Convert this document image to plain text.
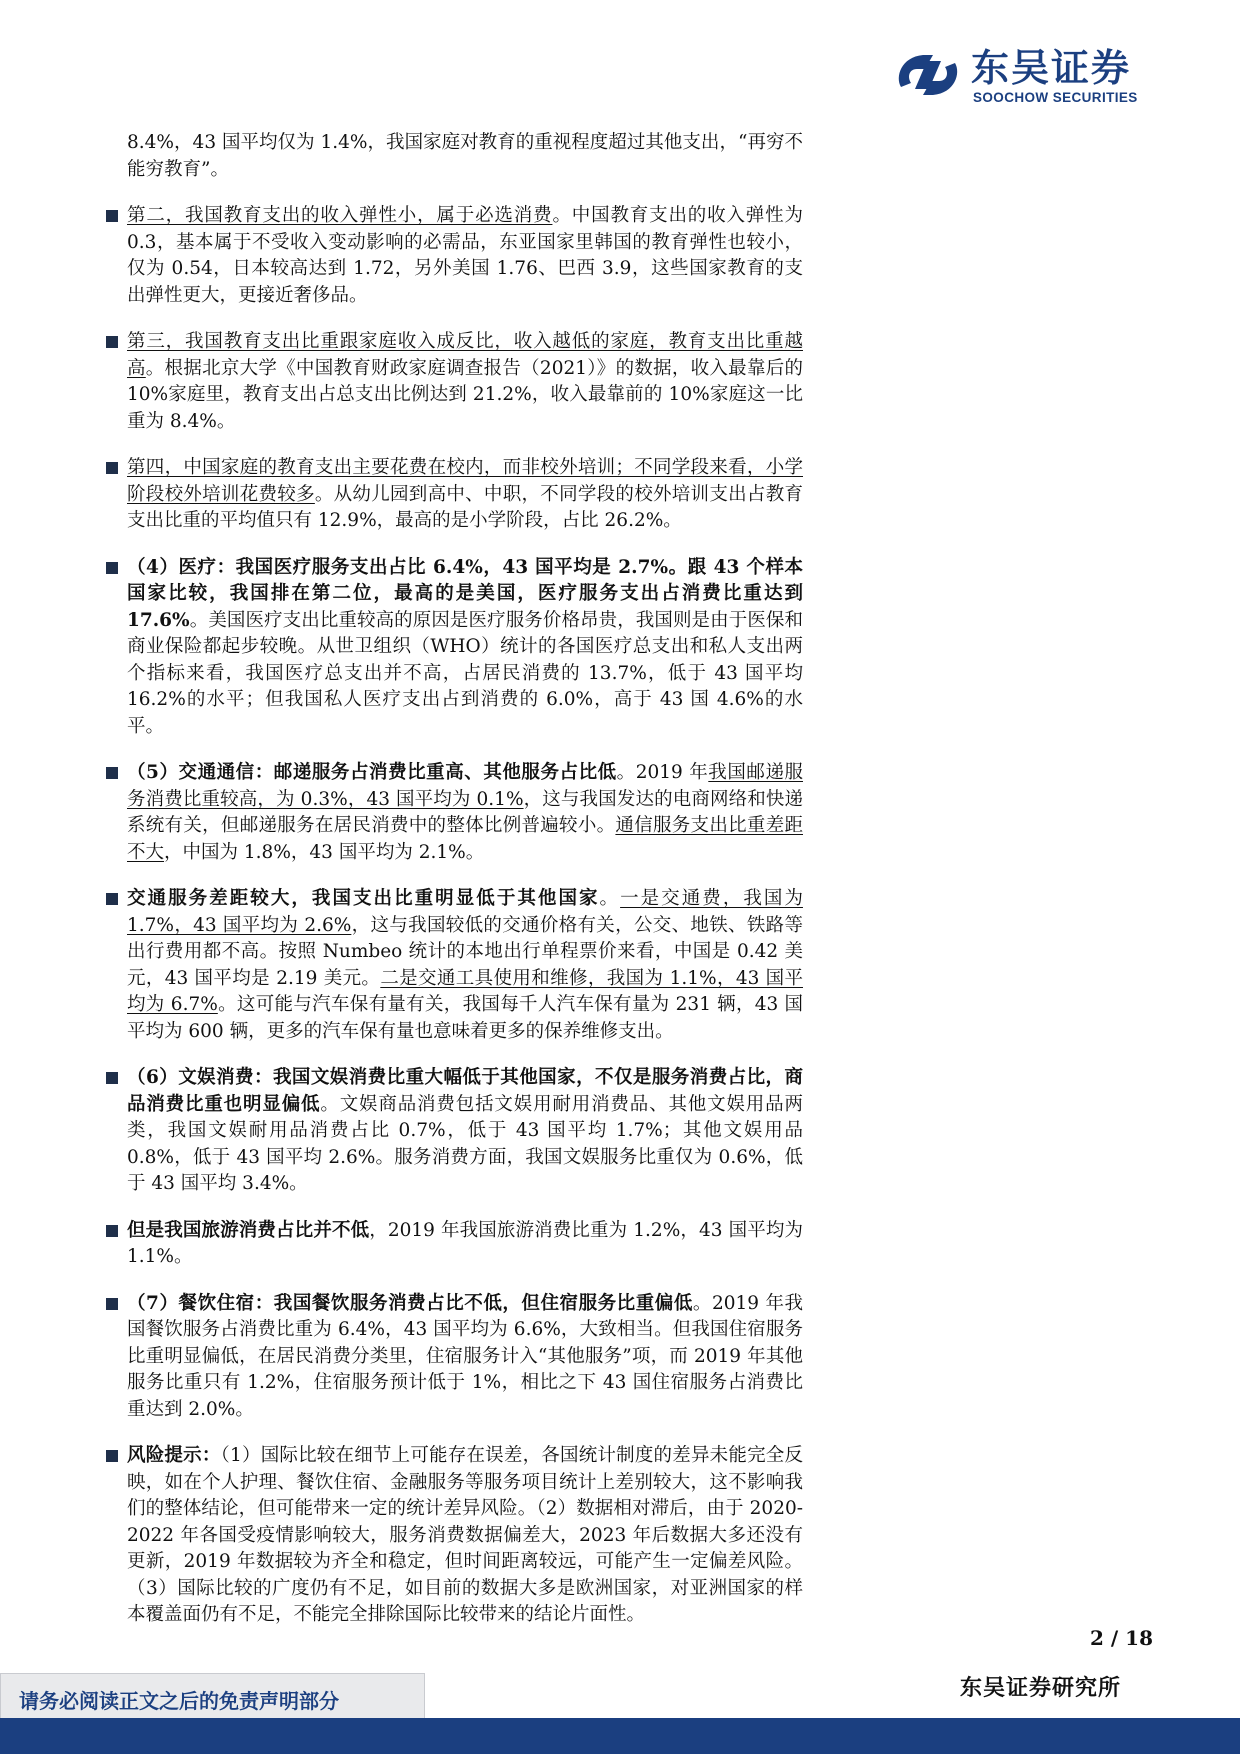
东吴证券
SOOCHOW SECURITIES

8.4%，43 国平均仅为 1.4%，我国家庭对教育的重视程度超过其他支出，“再穷不能穷教育”。

第二，我国教育支出的收入弹性小，属于必选消费。中国教育支出的收入弹性为 0.3，基本属于不受收入变动影响的必需品，东亚国家里韩国的教育弹性也较小，仅为 0.54，日本较高达到 1.72，另外美国 1.76、巴西 3.9，这些国家教育的支出弹性更大，更接近奢侈品。

第三，我国教育支出比重跟家庭收入成反比，收入越低的家庭，教育支出比重越高。根据北京大学《中国教育财政家庭调查报告（2021）》的数据，收入最靠后的 10%家庭里，教育支出占总支出比例达到 21.2%，收入最靠前的 10%家庭这一比重为 8.4%。

第四，中国家庭的教育支出主要花费在校内，而非校外培训；不同学段来看，小学阶段校外培训花费较多。从幼儿园到高中、中职，不同学段的校外培训支出占教育支出比重的平均值只有 12.9%，最高的是小学阶段，占比 26.2%。

（4）医疗：我国医疗服务支出占比 6.4%，43 国平均是 2.7%。跟 43 个样本国家比较，我国排在第二位，最高的是美国，医疗服务支出占消费比重达到 17.6%。美国医疗支出比重较高的原因是医疗服务价格昂贵，我国则是由于医保和商业保险都起步较晚。从世卫组织（WHO）统计的各国医疗总支出和私人支出两个指标来看，我国医疗总支出并不高，占居民消费的 13.7%，低于 43 国平均 16.2%的水平；但我国私人医疗支出占到消费的 6.0%，高于 43 国 4.6%的水平。

（5）交通通信：邮递服务占消费比重高、其他服务占比低。2019 年我国邮递服务消费比重较高，为 0.3%，43 国平均为 0.1%，这与我国发达的电商网络和快递系统有关，但邮递服务在居民消费中的整体比例普遍较小。通信服务支出比重差距不大，中国为 1.8%，43 国平均为 2.1%。

交通服务差距较大，我国支出比重明显低于其他国家。一是交通费，我国为 1.7%，43 国平均为 2.6%，这与我国较低的交通价格有关，公交、地铁、铁路等出行费用都不高。按照 Numbeo 统计的本地出行单程票价来看，中国是 0.42 美元，43 国平均是 2.19 美元。二是交通工具使用和维修，我国为 1.1%，43 国平均为 6.7%。这可能与汽车保有量有关，我国每千人汽车保有量为 231 辆，43 国平均为 600 辆，更多的汽车保有量也意味着更多的保养维修支出。

（6）文娱消费：我国文娱消费比重大幅低于其他国家，不仅是服务消费占比，商品消费比重也明显偏低。文娱商品消费包括文娱用耐用消费品、其他文娱用品两类，我国文娱耐用品消费占比 0.7%，低于 43 国平均 1.7%；其他文娱用品 0.8%，低于 43 国平均 2.6%。服务消费方面，我国文娱服务比重仅为 0.6%，低于 43 国平均 3.4%。

但是我国旅游消费占比并不低，2019 年我国旅游消费比重为 1.2%，43 国平均为 1.1%。

（7）餐饮住宿：我国餐饮服务消费占比不低，但住宿服务比重偏低。2019 年我国餐饮服务占消费比重为 6.4%，43 国平均为 6.6%，大致相当。但我国住宿服务比重明显偏低，在居民消费分类里，住宿服务计入“其他服务”项，而 2019 年其他服务比重只有 1.2%，住宿服务预计低于 1%，相比之下 43 国住宿服务占消费比重达到 2.0%。

风险提示：（1）国际比较在细节上可能存在误差，各国统计制度的差异未能完全反映，如在个人护理、餐饮住宿、金融服务等服务项目统计上差别较大，这不影响我们的整体结论，但可能带来一定的统计差异风险。（2）数据相对滞后，由于 2020-2022 年各国受疫情影响较大，服务消费数据偏差大，2023 年后数据大多还没有更新，2019 年数据较为齐全和稳定，但时间距离较远，可能产生一定偏差风险。（3）国际比较的广度仍有不足，如目前的数据大多是欧洲国家，对亚洲国家的样本覆盖面仍有不足，不能完全排除国际比较带来的结论片面性。

2 / 18
请务必阅读正文之后的免责声明部分	东吴证券研究所
